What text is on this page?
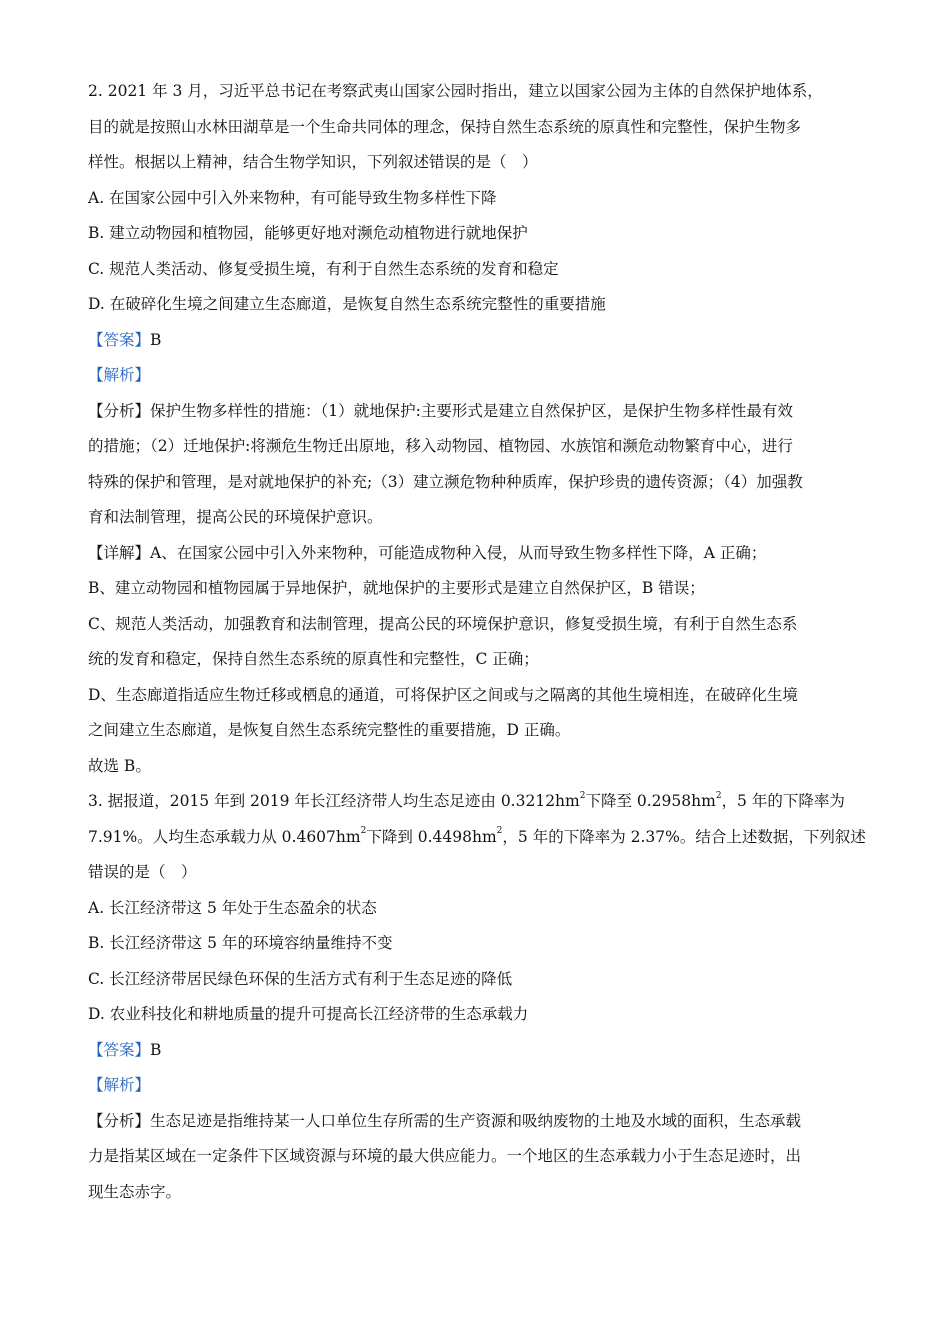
2. 2021 年 3 月，习近平总书记在考察武夷山国家公园时指出，建立以国家公园为主体的自然保护地体系，
目的就是按照山水林田湖草是一个生命共同体的理念，保持自然生态系统的原真性和完整性，保护生物多
样性。根据以上精神，结合生物学知识，下列叙述错误的是（　）
A. 在国家公园中引入外来物种，有可能导致生物多样性下降
B. 建立动物园和植物园，能够更好地对濒危动植物进行就地保护
C. 规范人类活动、修复受损生境，有利于自然生态系统的发育和稳定
D. 在破碎化生境之间建立生态廊道，是恢复自然生态系统完整性的重要措施
【答案】B
【解析】
【分析】保护生物多样性的措施：（1）就地保护:主要形式是建立自然保护区，是保护生物多样性最有效
的措施；（2）迁地保护:将濒危生物迁出原地，移入动物园、植物园、水族馆和濒危动物繁育中心，进行
特殊的保护和管理，是对就地保护的补充;（3）建立濒危物种种质库，保护珍贵的遗传资源；（4）加强教
育和法制管理，提高公民的环境保护意识。
【详解】A、在国家公园中引入外来物种，可能造成物种入侵，从而导致生物多样性下降，A 正确；
B、建立动物园和植物园属于异地保护，就地保护的主要形式是建立自然保护区，B 错误；
C、规范人类活动，加强教育和法制管理，提高公民的环境保护意识，修复受损生境，有利于自然生态系
统的发育和稳定，保持自然生态系统的原真性和完整性，C 正确；
D、生态廊道指适应生物迁移或栖息的通道，可将保护区之间或与之隔离的其他生境相连，在破碎化生境
之间建立生态廊道，是恢复自然生态系统完整性的重要措施，D 正确。
故选 B。
3. 据报道，2015 年到 2019 年长江经济带人均生态足迹由 $0.3212hm^2$下降至 $0.2958hm^2$，5 年的下降率为
7.91%。人均生态承载力从 $0.4607hm^2$下降到 $0.4498hm^2$，5 年的下降率为 2.37%。结合上述数据，下列叙述
错误的是（　）
A. 长江经济带这 5 年处于生态盈余的状态
B. 长江经济带这 5 年的环境容纳量维持不变
C. 长江经济带居民绿色环保的生活方式有利于生态足迹的降低
D. 农业科技化和耕地质量的提升可提高长江经济带的生态承载力
【答案】B
【解析】
【分析】生态足迹是指维持某一人口单位生存所需的生产资源和吸纳废物的土地及水域的面积，生态承载
力是指某区域在一定条件下区域资源与环境的最大供应能力。一个地区的生态承载力小于生态足迹时，出
现生态赤字。
